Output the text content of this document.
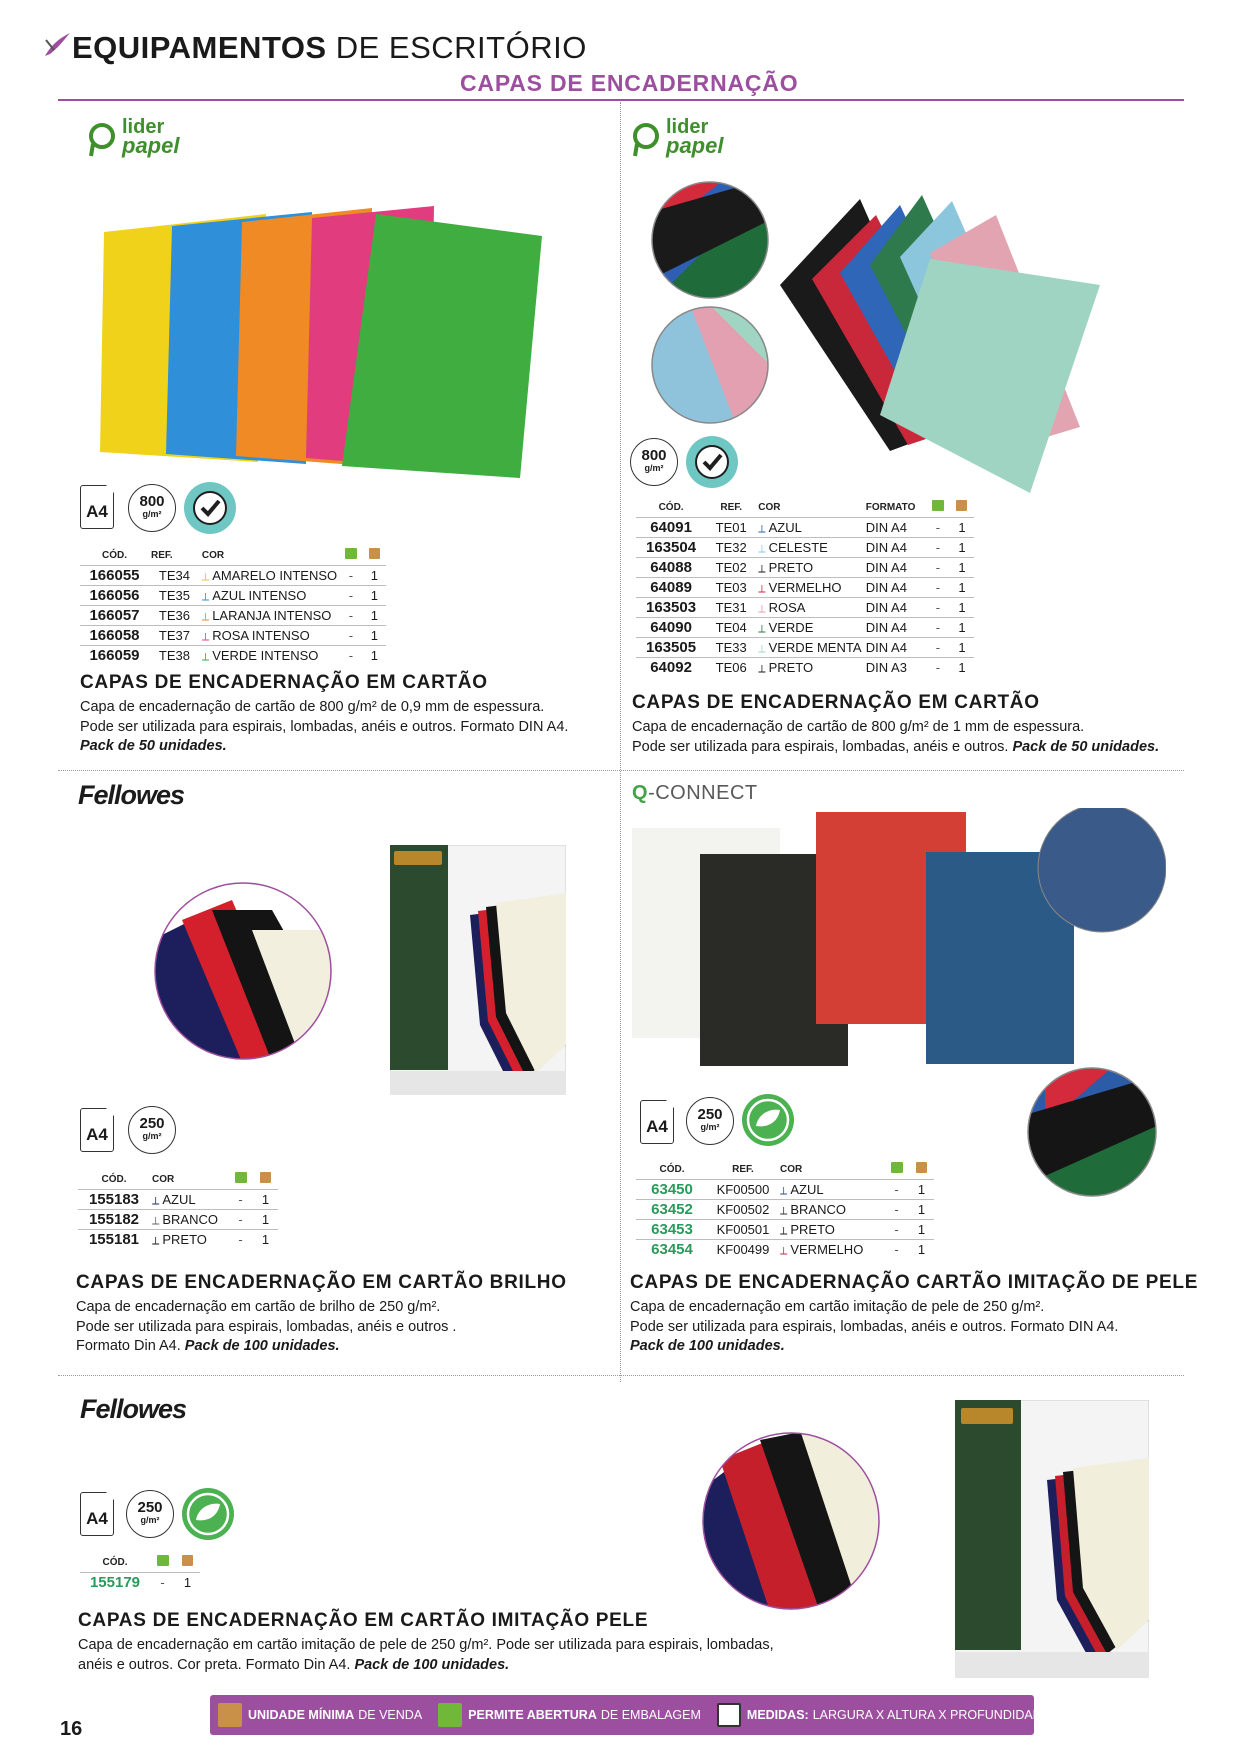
EQUIPAMENTOS DE ESCRITÓRIO
CAPAS DE ENCADERNAÇÃO
lider
papel
A4
800
g/m²
CÓD.	REF.	COR		
166055	TE34	⟂ AMARELO INTENSO	-	1
166056	TE35	⟂ AZUL INTENSO	-	1
166057	TE36	⟂ LARANJA INTENSO	-	1
166058	TE37	⟂ ROSA INTENSO	-	1
166059	TE38	⟂ VERDE INTENSO	-	1
CAPAS DE ENCADERNAÇÃO EM CARTÃO
Capa de encadernação de cartão de 800 g/m² de 0,9 mm de espessura.
Pode ser utilizada para espirais, lombadas, anéis e outros. Formato DIN A4.
Pack de 50 unidades.
lider
papel
800
g/m²
CÓD.	REF.	COR	FORMATO		
64091	TE01	⟂ AZUL	DIN A4	-	1
163504	TE32	⟂ CELESTE	DIN A4	-	1
64088	TE02	⟂ PRETO	DIN A4	-	1
64089	TE03	⟂ VERMELHO	DIN A4	-	1
163503	TE31	⟂ ROSA	DIN A4	-	1
64090	TE04	⟂ VERDE	DIN A4	-	1
163505	TE33	⟂ VERDE MENTA	DIN A4	-	1
64092	TE06	⟂ PRETO	DIN A3	-	1
CAPAS DE ENCADERNAÇÃO EM CARTÃO
Capa de encadernação de cartão de 800 g/m² de 1 mm de espessura.
Pode ser utilizada para espirais, lombadas, anéis e outros. Pack de 50 unidades.
Fellowes
A4
250
g/m²
CÓD.	COR		
155183	⟂ AZUL	-	1
155182	⟂ BRANCO	-	1
155181	⟂ PRETO	-	1
CAPAS DE ENCADERNAÇÃO EM CARTÃO BRILHO
Capa de encadernação em cartão de brilho de 250 g/m².
Pode ser utilizada para espirais, lombadas, anéis e outros .
Formato Din A4. Pack de 100 unidades.
Q-CONNECT
A4
250
g/m²
CÓD.	REF.	COR		
63450	KF00500	⟂ AZUL	-	1
63452	KF00502	⟂ BRANCO	-	1
63453	KF00501	⟂ PRETO	-	1
63454	KF00499	⟂ VERMELHO	-	1
CAPAS DE ENCADERNAÇÃO CARTÃO IMITAÇÃO DE PELE
Capa de encadernação em cartão imitação de pele de 250 g/m².
Pode ser utilizada para espirais, lombadas, anéis e outros. Formato DIN A4.
Pack de 100 unidades.
Fellowes
A4
250
g/m²
CÓD.		
155179	-	1
CAPAS DE ENCADERNAÇÃO EM CARTÃO IMITAÇÃO PELE
Capa de encadernação em cartão imitação de pele de 250 g/m². Pode ser utilizada para espirais, lombadas,
anéis e outros. Cor preta. Formato Din A4. Pack de 100 unidades.
16
UNIDADE MÍNIMA DE VENDA	PERMITE ABERTURA DE EMBALAGEM	MEDIDAS: LARGURA X ALTURA X PROFUNDIDADE
